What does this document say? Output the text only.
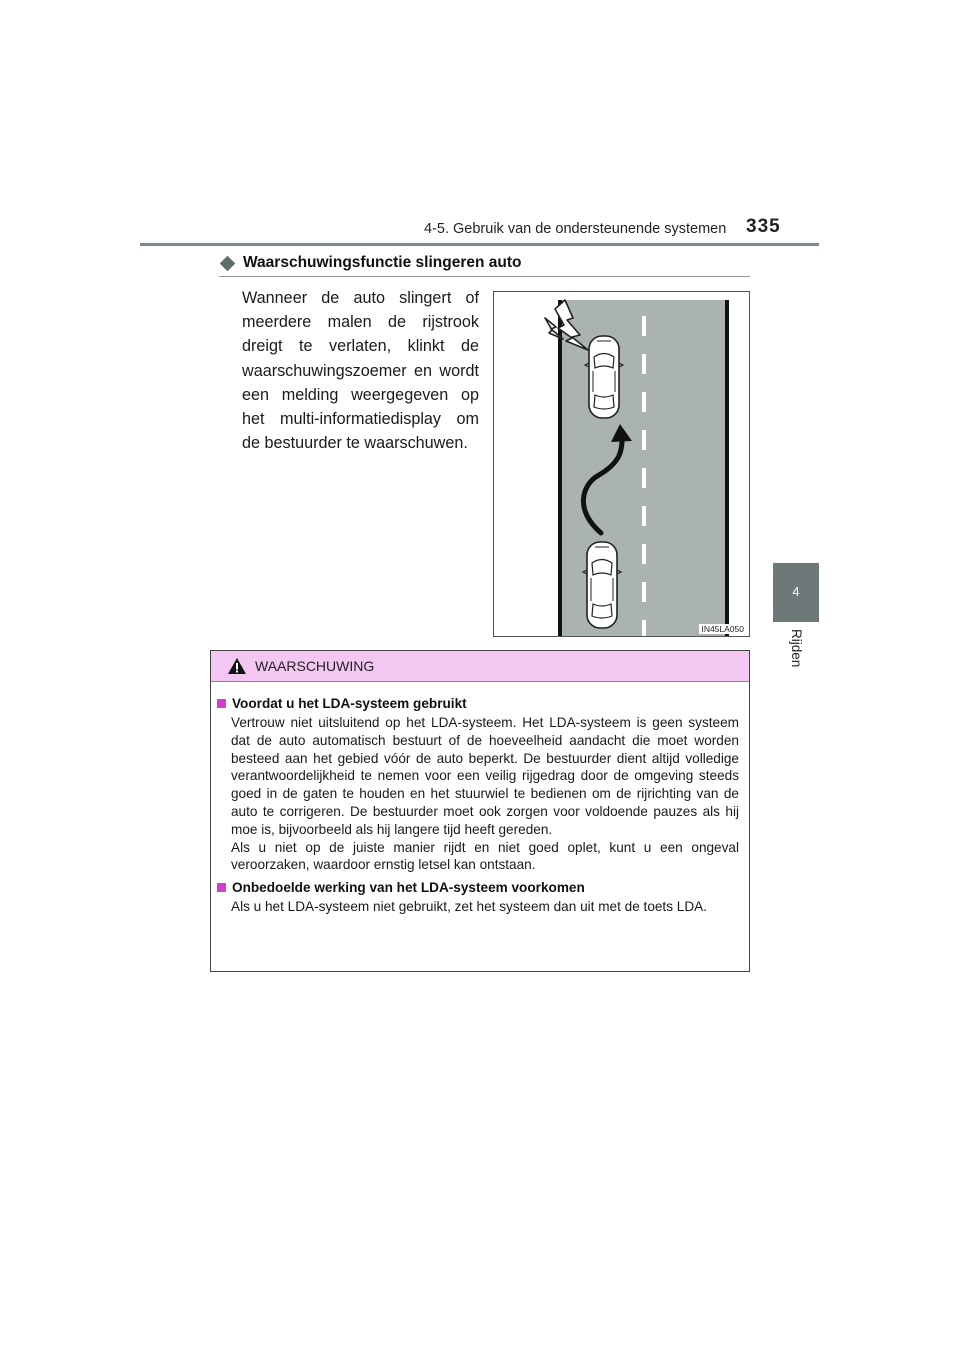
4-5. Gebruik van de ondersteunende systemen 335
4
Rijden
Waarschuwingsfunctie slingeren auto
Wanneer de auto slingert of meerdere malen de rijstrook dreigt te verlaten, klinkt de waarschuwingszoemer en wordt een melding weergegeven op het multi-informatiedisplay om de bestuurder te waarschuwen.
IN45LA050
WAARSCHUWING
Voordat u het LDA-systeem gebruikt
Vertrouw niet uitsluitend op het LDA-systeem. Het LDA-systeem is geen systeem dat de auto automatisch bestuurt of de hoeveelheid aandacht die moet worden besteed aan het gebied vóór de auto beperkt. De bestuurder dient altijd volledige verantwoordelijkheid te nemen voor een veilig rijgedrag door de omgeving steeds goed in de gaten te houden en het stuurwiel te bedienen om de rijrichting van de auto te corrigeren. De bestuurder moet ook zorgen voor voldoende pauzes als hij moe is, bijvoorbeeld als hij langere tijd heeft gereden.
Als u niet op de juiste manier rijdt en niet goed oplet, kunt u een ongeval veroorzaken, waardoor ernstig letsel kan ontstaan.
Onbedoelde werking van het LDA-systeem voorkomen
Als u het LDA-systeem niet gebruikt, zet het systeem dan uit met de toets LDA.
